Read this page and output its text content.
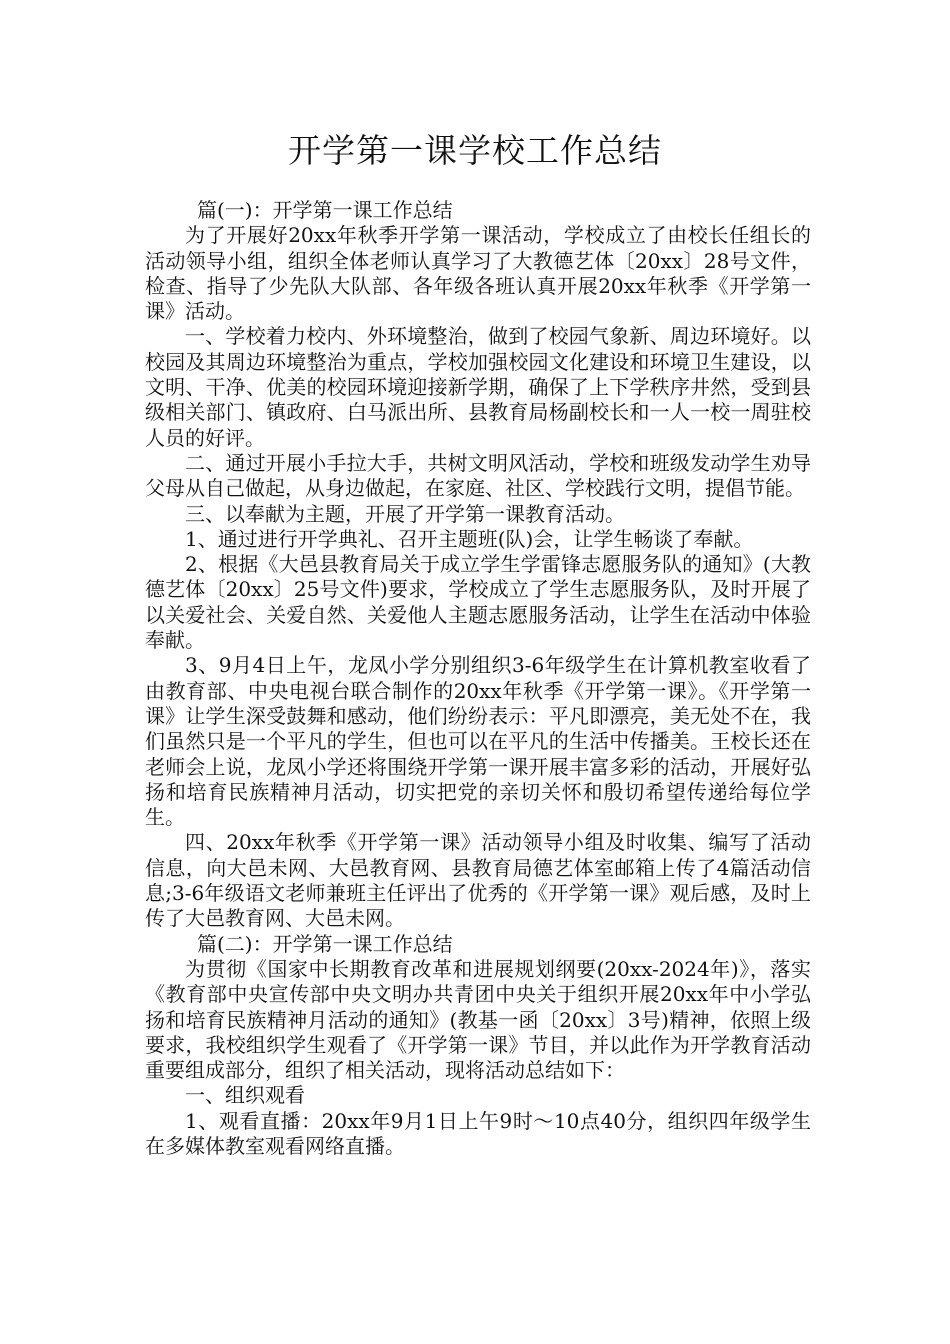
开学第一课学校工作总结

篇(一)：开学第一课工作总结

为了开展好20xx年秋季开学第一课活动，学校成立了由校长任组长的活动领导小组，组织全体老师认真学习了大教德艺体〔20xx〕28号文件，检查、指导了少先队大队部、各年级各班认真开展20xx年秋季《开学第一课》活动。

一、学校着力校内、外环境整治，做到了校园气象新、周边环境好。以校园及其周边环境整治为重点，学校加强校园文化建设和环境卫生建设，以文明、干净、优美的校园环境迎接新学期，确保了上下学秩序井然，受到县级相关部门、镇政府、白马派出所、县教育局杨副校长和一人一校一周驻校人员的好评。

二、通过开展小手拉大手，共树文明风活动，学校和班级发动学生劝导父母从自己做起，从身边做起，在家庭、社区、学校践行文明，提倡节能。

三、以奉献为主题，开展了开学第一课教育活动。

1、通过进行开学典礼、召开主题班(队)会，让学生畅谈了奉献。

2、根据《大邑县教育局关于成立学生学雷锋志愿服务队的通知》(大教德艺体〔20xx〕25号文件)要求，学校成立了学生志愿服务队，及时开展了以关爱社会、关爱自然、关爱他人主题志愿服务活动，让学生在活动中体验奉献。

3、9月4日上午，龙凤小学分别组织3-6年级学生在计算机教室收看了由教育部、中央电视台联合制作的20xx年秋季《开学第一课》。《开学第一课》让学生深受鼓舞和感动，他们纷纷表示：平凡即漂亮，美无处不在，我们虽然只是一个平凡的学生，但也可以在平凡的生活中传播美。王校长还在老师会上说，龙凤小学还将围绕开学第一课开展丰富多彩的活动，开展好弘扬和培育民族精神月活动，切实把党的亲切关怀和殷切希望传递给每位学生。

四、20xx年秋季《开学第一课》活动领导小组及时收集、编写了活动信息，向大邑未网、大邑教育网、县教育局德艺体室邮箱上传了4篇活动信息;3-6年级语文老师兼班主任评出了优秀的《开学第一课》观后感，及时上传了大邑教育网、大邑未网。

篇(二)：开学第一课工作总结

为贯彻《国家中长期教育改革和进展规划纲要(20xx-2024年)》，落实《教育部中央宣传部中央文明办共青团中央关于组织开展20xx年中小学弘扬和培育民族精神月活动的通知》(教基一函〔20xx〕3号)精神，依照上级要求，我校组织学生观看了《开学第一课》节目，并以此作为开学教育活动重要组成部分，组织了相关活动，现将活动总结如下：

一、组织观看

1、观看直播：20xx年9月1日上午9时～10点40分，组织四年级学生在多媒体教室观看网络直播。
